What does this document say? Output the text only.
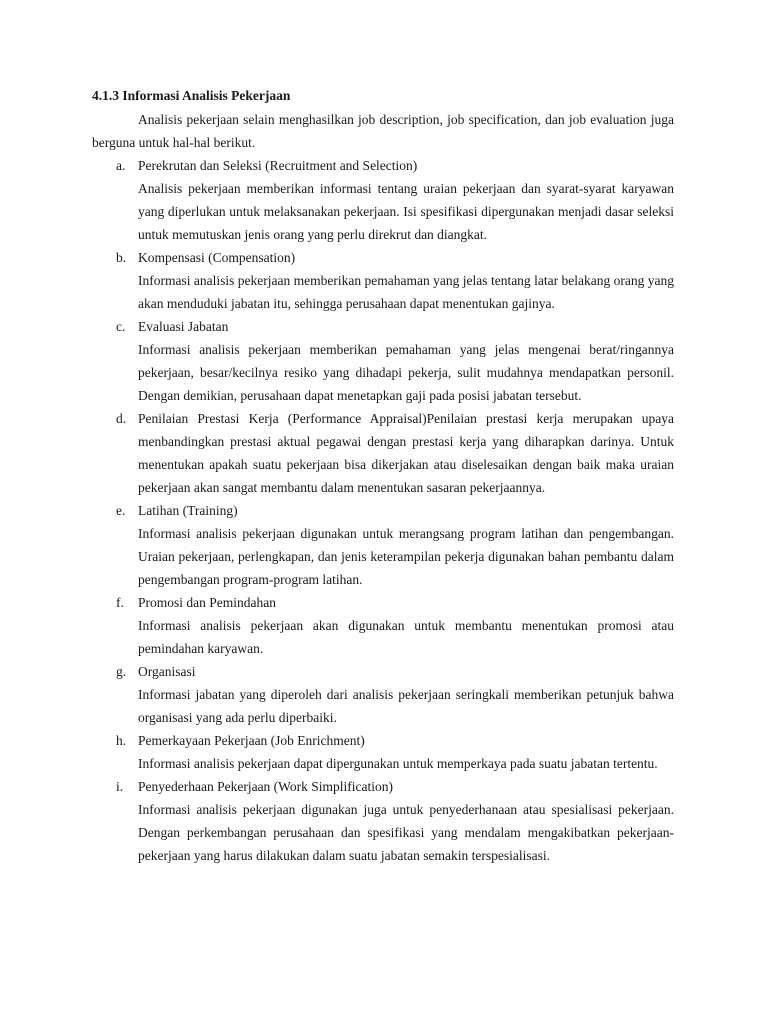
4.1.3 Informasi Analisis Pekerjaan

Analisis pekerjaan selain menghasilkan job description, job specification, dan job evaluation juga berguna untuk hal-hal berikut.

a. Perekrutan dan Seleksi (Recruitment and Selection)

Analisis pekerjaan memberikan informasi tentang uraian pekerjaan dan syarat-syarat karyawan yang diperlukan untuk melaksanakan pekerjaan. Isi spesifikasi dipergunakan menjadi dasar seleksi untuk memutuskan jenis orang yang perlu direkrut dan diangkat.

b. Kompensasi (Compensation)

Informasi analisis pekerjaan memberikan pemahaman yang jelas tentang latar belakang orang yang akan menduduki jabatan itu, sehingga perusahaan dapat menentukan gajinya.

c. Evaluasi Jabatan

Informasi analisis pekerjaan memberikan pemahaman yang jelas mengenai berat/ringannya pekerjaan, besar/kecilnya resiko yang dihadapi pekerja, sulit mudahnya mendapatkan personil. Dengan demikian, perusahaan dapat menetapkan gaji pada posisi jabatan tersebut.

d. Penilaian Prestasi Kerja (Performance Appraisal)Penilaian prestasi kerja merupakan upaya menbandingkan prestasi aktual pegawai dengan prestasi kerja yang diharapkan darinya. Untuk menentukan apakah suatu pekerjaan bisa dikerjakan atau diselesaikan dengan baik maka uraian pekerjaan akan sangat membantu dalam menentukan sasaran pekerjaannya.

e. Latihan (Training)

Informasi analisis pekerjaan digunakan untuk merangsang program latihan dan pengembangan. Uraian pekerjaan, perlengkapan, dan jenis keterampilan pekerja digunakan bahan pembantu dalam pengembangan program-program latihan.

f. Promosi dan Pemindahan

Informasi analisis pekerjaan akan digunakan untuk membantu menentukan promosi atau pemindahan karyawan.

g. Organisasi

Informasi jabatan yang diperoleh dari analisis pekerjaan seringkali memberikan petunjuk bahwa organisasi yang ada perlu diperbaiki.

h. Pemerkayaan Pekerjaan (Job Enrichment)

Informasi analisis pekerjaan dapat dipergunakan untuk memperkaya pada suatu jabatan tertentu.

i. Penyederhaan Pekerjaan (Work Simplification)

Informasi analisis pekerjaan digunakan juga untuk penyederhanaan atau spesialisasi pekerjaan. Dengan perkembangan perusahaan dan spesifikasi yang mendalam mengakibatkan pekerjaan-pekerjaan yang harus dilakukan dalam suatu jabatan semakin terspesialisasi.
